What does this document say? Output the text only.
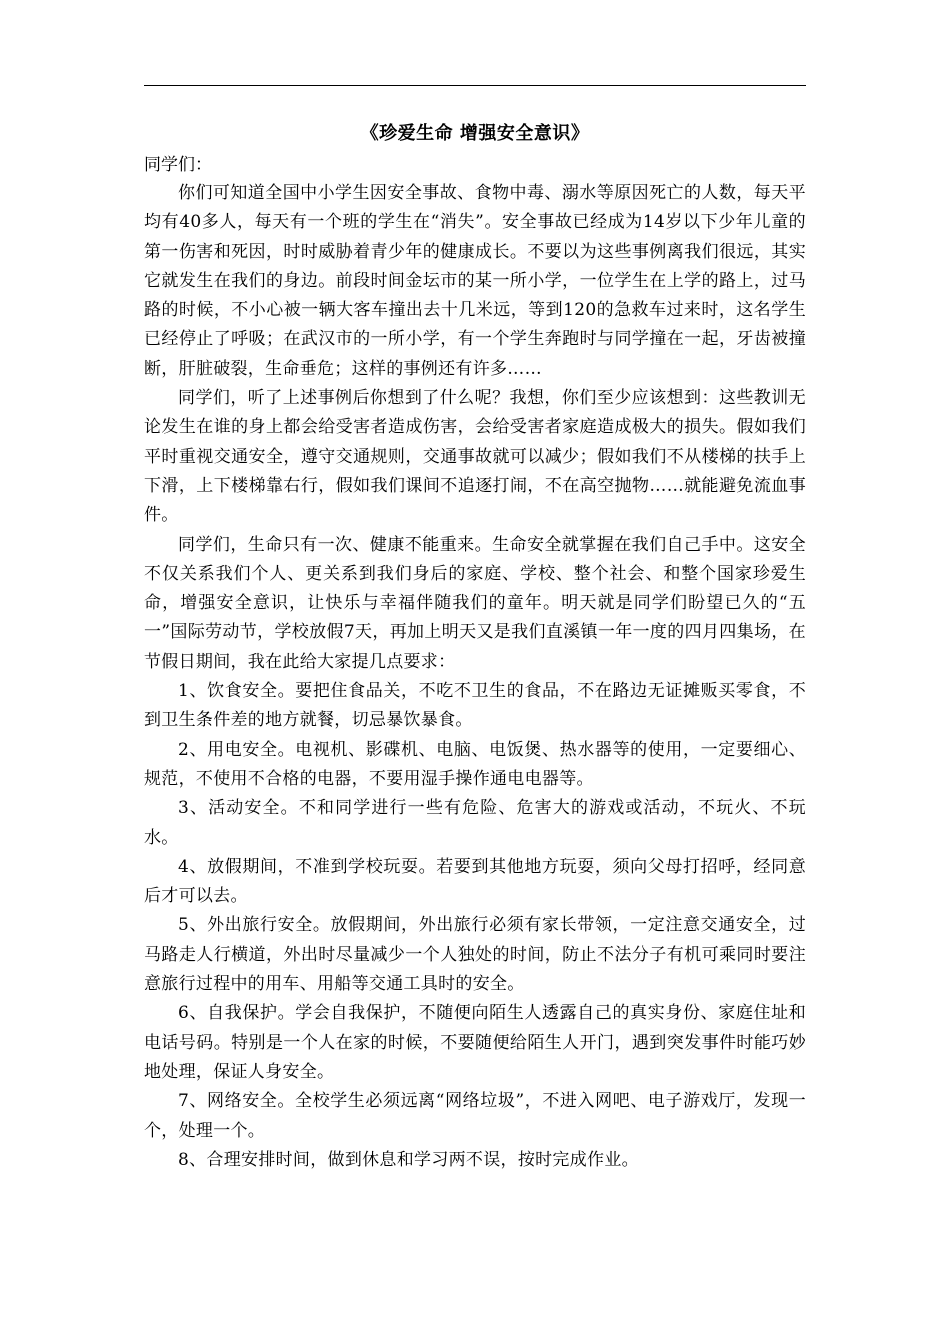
《珍爱生命 增强安全意识》
同学们：

你们可知道全国中小学生因安全事故、食物中毒、溺水等原因死亡的人数，每天平均有40多人，每天有一个班的学生在“消失”。安全事故已经成为14岁以下少年儿童的第一伤害和死因，时时威胁着青少年的健康成长。不要以为这些事例离我们很远，其实它就发生在我们的身边。前段时间金坛市的某一所小学，一位学生在上学的路上，过马路的时候，不小心被一辆大客车撞出去十几米远，等到120的急救车过来时，这名学生已经停止了呼吸；在武汉市的一所小学，有一个学生奔跑时与同学撞在一起，牙齿被撞断，肝脏破裂，生命垂危；这样的事例还有许多……

同学们，听了上述事例后你想到了什么呢？我想，你们至少应该想到：这些教训无论发生在谁的身上都会给受害者造成伤害，会给受害者家庭造成极大的损失。假如我们平时重视交通安全，遵守交通规则，交通事故就可以减少；假如我们不从楼梯的扶手上下滑，上下楼梯靠右行，假如我们课间不追逐打闹，不在高空抛物……就能避免流血事件。

同学们，生命只有一次、健康不能重来。生命安全就掌握在我们自己手中。这安全不仅关系我们个人、更关系到我们身后的家庭、学校、整个社会、和整个国家珍爱生命，增强安全意识，让快乐与幸福伴随我们的童年。明天就是同学们盼望已久的“五一”国际劳动节，学校放假7天，再加上明天又是我们直溪镇一年一度的四月四集场，在节假日期间，我在此给大家提几点要求：

1、饮食安全。要把住食品关，不吃不卫生的食品，不在路边无证摊贩买零食，不到卫生条件差的地方就餐，切忌暴饮暴食。

2、用电安全。电视机、影碟机、电脑、电饭煲、热水器等的使用，一定要细心、规范，不使用不合格的电器，不要用湿手操作通电电器等。

3、活动安全。不和同学进行一些有危险、危害大的游戏或活动，不玩火、不玩水。

4、放假期间，不准到学校玩耍。若要到其他地方玩耍，须向父母打招呼，经同意后才可以去。

5、外出旅行安全。放假期间，外出旅行必须有家长带领，一定注意交通安全，过马路走人行横道，外出时尽量减少一个人独处的时间，防止不法分子有机可乘同时要注意旅行过程中的用车、用船等交通工具时的安全。

6、自我保护。学会自我保护，不随便向陌生人透露自己的真实身份、家庭住址和电话号码。特别是一个人在家的时候，不要随便给陌生人开门，遇到突发事件时能巧妙地处理，保证人身安全。

7、网络安全。全校学生必须远离“网络垃圾”，不进入网吧、电子游戏厅，发现一个，处理一个。

8、合理安排时间，做到休息和学习两不误，按时完成作业。
